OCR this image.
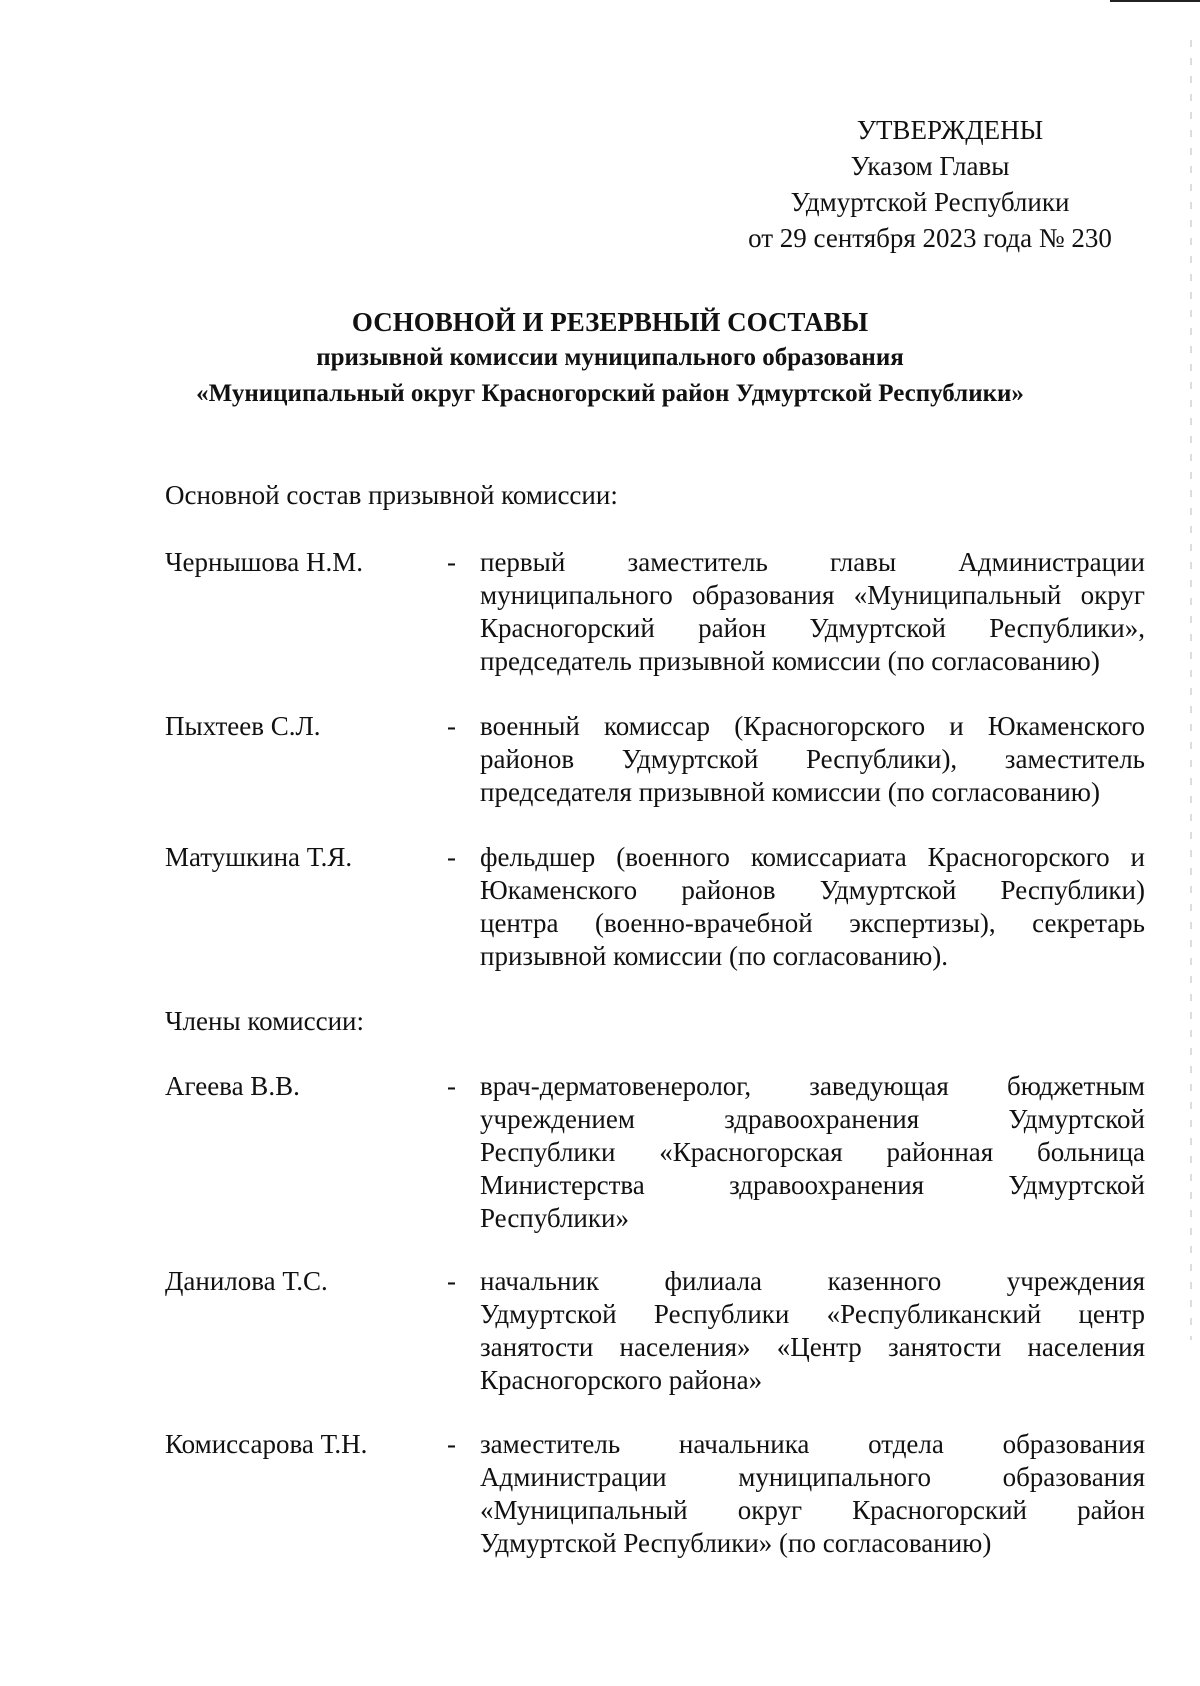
УТВЕРЖДЕНЫ
Указом Главы
Удмуртской Республики
от 29 сентября 2023 года № 230
ОСНОВНОЙ И РЕЗЕРВНЫЙ СОСТАВЫ
призывной комиссии муниципального образования
«Муниципальный округ Красногорский район Удмуртской Республики»
Основной состав призывной комиссии:
Чернышова Н.М.	- первый заместитель главы Администрации
муниципального образования «Муниципальный округ
Красногорский район Удмуртской Республики»,
председатель призывной комиссии (по согласованию)
Пыхтеев С.Л.	- военный комиссар (Красногорского и Юкаменского
районов Удмуртской Республики), заместитель
председателя призывной комиссии (по согласованию)
Матушкина Т.Я.	- фельдшер (военного комиссариата Красногорского и
Юкаменского районов Удмуртской Республики)
центра (военно-врачебной экспертизы), секретарь
призывной комиссии (по согласованию).
Члены комиссии:
Агеева В.В.	- врач-дерматовенеролог, заведующая бюджетным
учреждением здравоохранения Удмуртской
Республики «Красногорская районная больница
Министерства здравоохранения Удмуртской
Республики»
Данилова Т.С.	- начальник филиала казенного учреждения
Удмуртской Республики «Республиканский центр
занятости населения» «Центр занятости населения
Красногорского района»
Комиссарова Т.Н.	- заместитель начальника отдела образования
Администрации муниципального образования
«Муниципальный округ Красногорский район
Удмуртской Республики» (по согласованию)
